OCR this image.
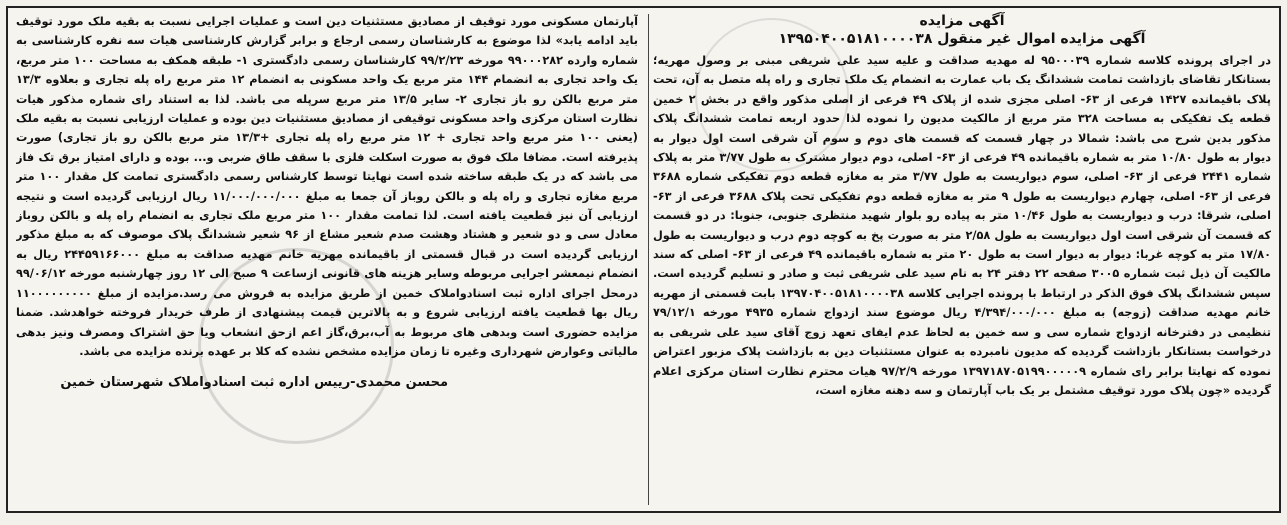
آگهی مزایده
آگهی مزایده اموال غیر منقول ۱۳۹۵۰۴۰۰۵۱۸۱۰۰۰۰۳۸

در اجرای پرونده کلاسه شماره ۹۵۰۰۰۳۹ له مهدیه صداقت و علیه سید علی شریفی مبنی بر وصول مهریه؛ بستانکار تقاضای بازداشت تمامت ششدانگ یک باب عمارت به انضمام یک ملک تجاری و راه پله متصل به آن، تحت پلاک باقیمانده ۱۴۲۷ فرعی از ۶۳- اصلی مجزی شده از پلاک ۴۹ فرعی از اصلی مذکور واقع در بخش ۲ خمین قطعه یک تفکیکی به مساحت ۳۲۸ متر مربع از مالکیت مدیون را نموده لذا حدود اربعه تمامت ششدانگ پلاک مذکور بدین شرح می باشد: شمالا در چهار قسمت که قسمت های دوم و سوم آن شرقی است اول دیوار به دیوار به طول ۱۰/۸۰ متر به شماره باقیمانده ۴۹ فرعی از ۶۳- اصلی، دوم دیوار مشترک به طول ۳/۷۷ متر به پلاک شماره ۲۴۴۱ فرعی از ۶۳- اصلی، سوم دیواریست به طول ۳/۷۷ متر به مغازه قطعه دوم تفکیکی شماره ۳۶۸۸ فرعی از ۶۳- اصلی، چهارم دیواریست به طول ۹ متر به مغازه قطعه دوم تفکیکی تحت پلاک ۳۶۸۸ فرعی از ۶۳- اصلی، شرقا: درب و دیواریست به طول ۱۰/۴۶ متر به پیاده رو بلوار شهید منتظری جنوبی، جنوبا: در دو قسمت که قسمت آن شرقی است اول دیواریست به طول ۲/۵۸ متر به صورت پخ به کوچه دوم درب و دیواریست به طول ۱۷/۸۰ متر به کوچه غربا: دیوار به دیوار است به طول ۲۰ متر به شماره باقیمانده ۴۹ فرعی از ۶۳- اصلی که سند مالکیت آن ذیل ثبت شماره ۳۰۰۵ صفحه ۲۲ دفتر ۲۴ به نام سید علی شریفی ثبت و صادر و تسلیم گردیده است. سپس ششدانگ پلاک فوق الذکر در ارتباط با پرونده اجرایی کلاسه ۱۳۹۷۰۴۰۰۵۱۸۱۰۰۰۰۳۸ بابت قسمتی از مهریه خانم مهدیه صداقت (زوجه) به مبلغ ۴/۳۹۴/۰۰۰/۰۰۰ ریال موضوع سند ازدواج شماره ۴۹۳۵ مورخه ۷۹/۱۲/۱ تنظیمی در دفترخانه ازدواج شماره سی و سه خمین به لحاظ عدم ایفای تعهد زوج آقای سید علی شریفی به درخواست بستانکار بازداشت گردیده که مدیون نامبرده به عنوان مستثنیات دین به بازداشت پلاک مزبور اعتراض نموده که نهایتا برابر رای شماره ۱۳۹۷۱۸۷۰۵۱۹۹۰۰۰۰۰۹ مورخه ۹۷/۲/۹ هیات محترم نظارت استان مرکزی اعلام گردیده «چون پلاک مورد توقیف مشتمل بر یک باب آپارتمان و سه دهنه مغازه است،

آپارتمان مسکونی مورد توقیف از مصادیق مستثنیات دین است و عملیات اجرایی نسبت به بقیه ملک مورد توقیف باید ادامه یابد» لذا موضوع به کارشناسان رسمی ارجاع و برابر گزارش کارشناسی هیات سه نفره کارشناسی به شماره وارده ۹۹۰۰۰۲۸۲ مورخه ۹۹/۲/۲۳ کارشناسان رسمی دادگستری ۱- طبقه همکف به مساحت ۱۰۰ متر مربع، یک واحد تجاری به انضمام ۱۴۴ متر مربع یک واحد مسکونی به انضمام ۱۲ متر مربع راه پله تجاری و بعلاوه ۱۳/۳ متر مربع بالکن رو باز تجاری ۲- سایر ۱۳/۵ متر مربع سرپله می باشد. لذا به استناد رای شماره مذکور هیات نظارت استان مرکزی واحد مسکونی توقیفی از مصادیق مستثنیات دین بوده و عملیات ارزیابی نسبت به بقیه ملک (یعنی ۱۰۰ متر مربع واحد تجاری + ۱۲ متر مربع راه پله تجاری +۱۳/۳ متر مربع بالکن رو باز تجاری) صورت پذیرفته است. مضافا ملک فوق به صورت اسکلت فلزی با سقف طاق ضربی و... بوده و دارای امتیاز برق تک فاز می باشد که در یک طبقه ساخته شده است نهایتا توسط کارشناس رسمی دادگستری تمامت کل مقدار ۱۰۰ متر مربع مغازه تجاری و راه پله و بالکن روباز آن جمعا به مبلغ ۱۱/۰۰۰/۰۰۰/۰۰۰ ریال ارزیابی گردیده است و نتیجه ارزیابی آن نیز قطعیت یافته است. لذا تمامت مقدار ۱۰۰ متر مربع ملک تجاری به انضمام راه پله و بالکن روباز معادل سی و دو شعیر و هشتاد وهشت صدم شعیر مشاع از ۹۶ شعیر ششدانگ پلاک موصوف که به مبلغ مذکور ارزیابی گردیده است در قبال قسمتی از باقیمانده مهریه خانم مهدیه صداقت به مبلغ ۲۴۴۵۹۱۶۶۰۰۰ ریال به انضمام نیمعشر اجرایی مربوطه وسایر هزینه های قانونی ازساعت ۹ صبح الی ۱۲ روز چهارشنبه مورخه ۹۹/۰۶/۱۲ درمحل اجرای اداره ثبت اسنادواملاک خمین از طریق مزایده به فروش می رسد.مزایده از مبلغ ۱۱۰۰۰۰۰۰۰۰۰ ریال بها قطعیت یافته ارزیابی شروع و به بالاترین قیمت پیشنهادی از طرف خریدار فروخته خواهدشد. ضمنا مزایده حضوری است وبدهی های مربوط به آب،برق،گاز اعم ازحق انشعاب ویا حق اشتراک ومصرف ونیز بدهی مالیاتی وعوارض شهرداری وغیره تا زمان مزایده مشخص نشده که کلا بر عهده برنده مزایده می باشد.

محسن محمدی-رییس اداره ثبت اسنادواملاک شهرستان خمین
